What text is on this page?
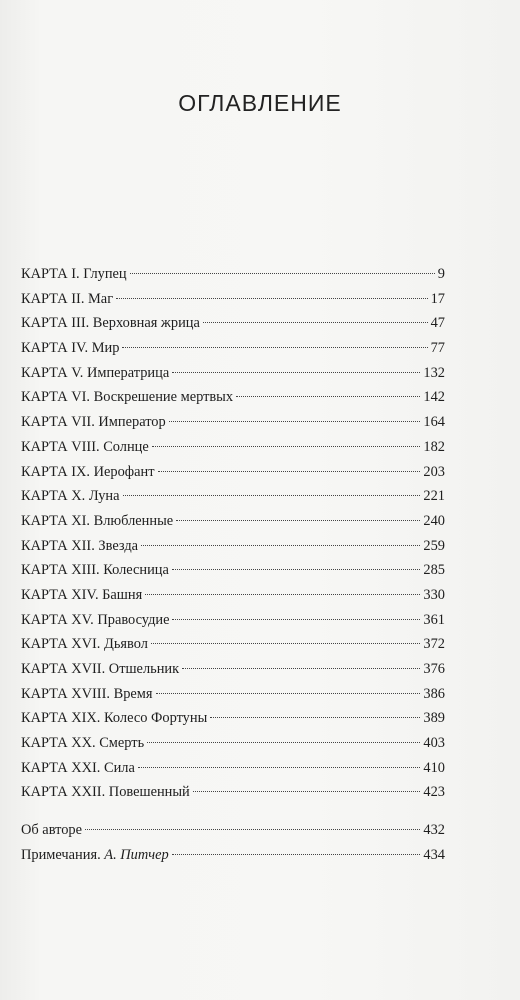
ОГЛАВЛЕНИЕ
КАРТА I. Глупец	9
КАРТА II. Маг	17
КАРТА III. Верховная жрица	47
КАРТА IV. Мир	77
КАРТА V. Императрица	132
КАРТА VI. Воскрешение мертвых	142
КАРТА VII. Император	164
КАРТА VIII. Солнце	182
КАРТА IX. Иерофант	203
КАРТА X. Луна	221
КАРТА XI. Влюбленные	240
КАРТА XII. Звезда	259
КАРТА XIII. Колесница	285
КАРТА XIV. Башня	330
КАРТА XV. Правосудие	361
КАРТА XVI. Дьявол	372
КАРТА XVII. Отшельник	376
КАРТА XVIII. Время	386
КАРТА XIX. Колесо Фортуны	389
КАРТА XX. Смерть	403
КАРТА XXI. Сила	410
КАРТА XXII. Повешенный	423
Об авторе	432
Примечания. А. Питчер	434
